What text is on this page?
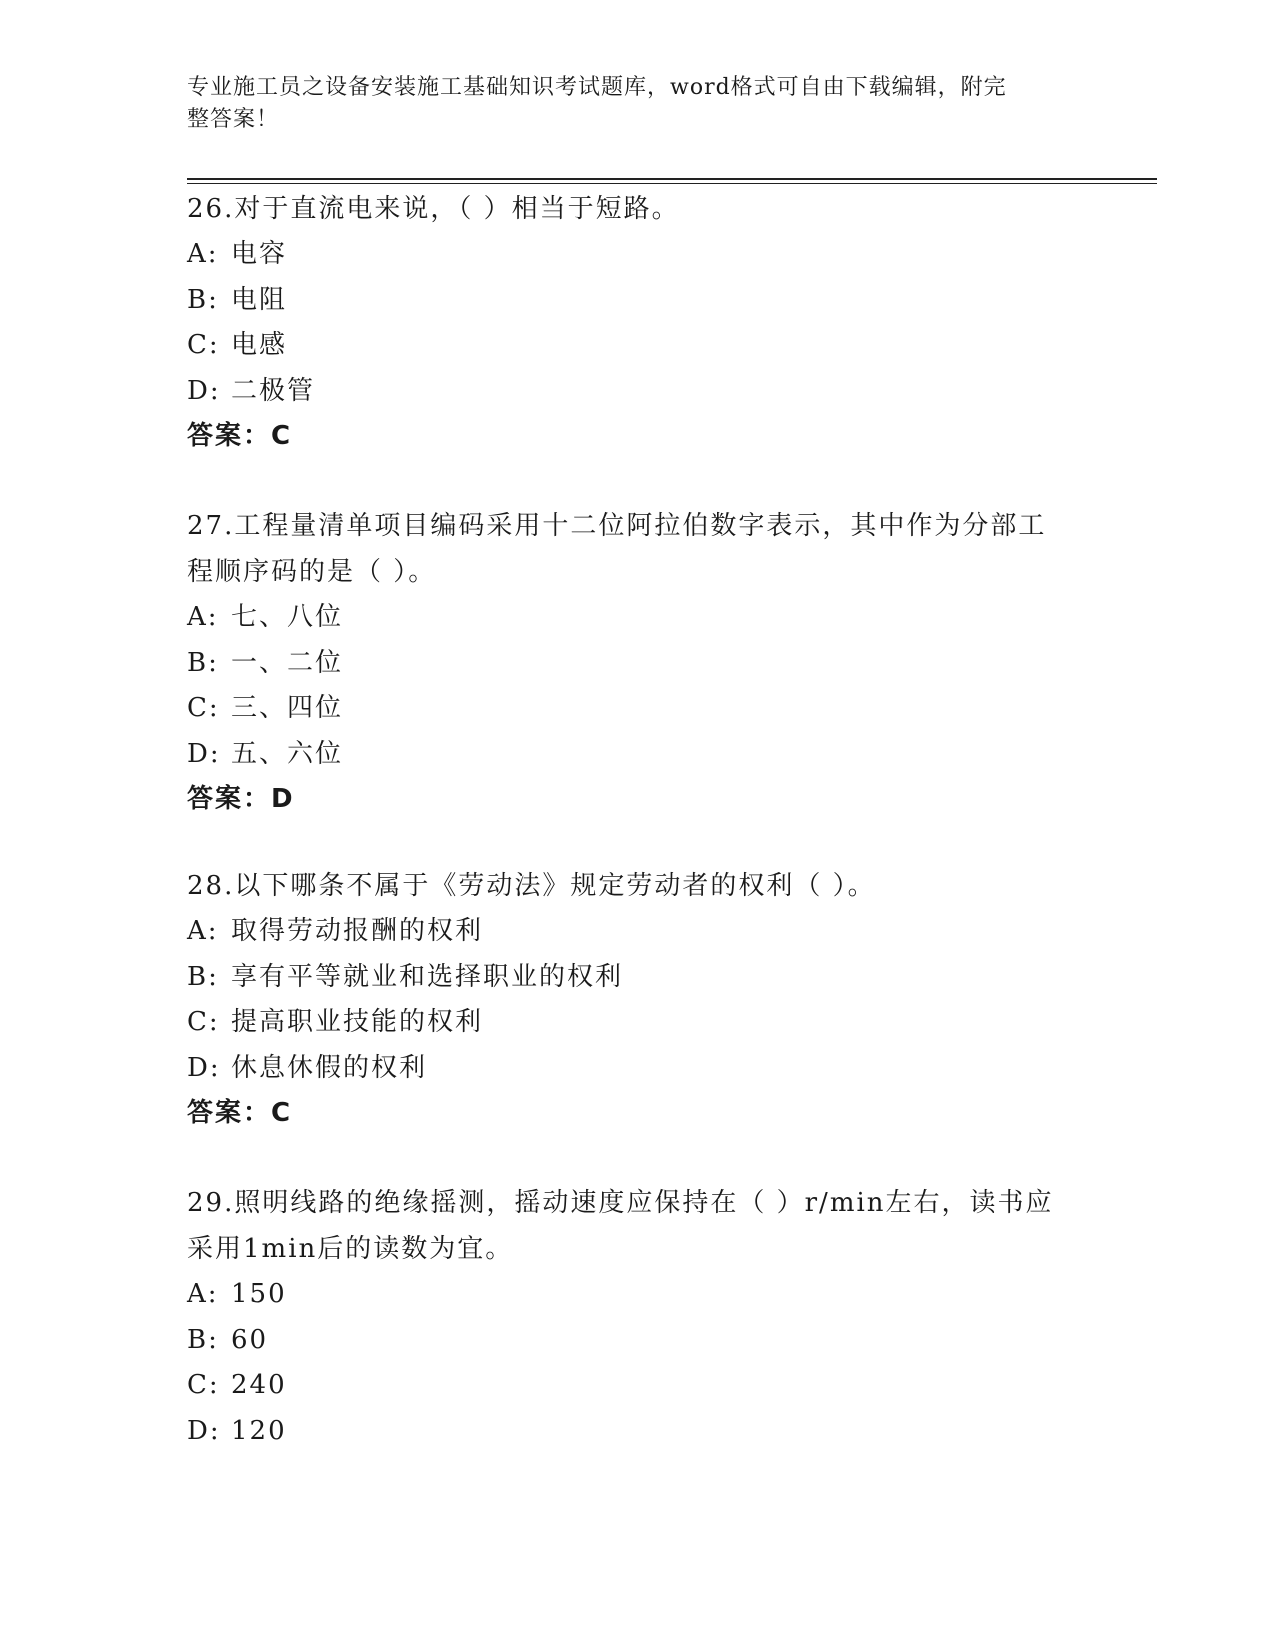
专业施工员之设备安装施工基础知识考试题库，word格式可自由下载编辑，附完
整答案！

26.对于直流电来说，（ ）相当于短路。

A: 电容

B: 电阻

C: 电感

D: 二极管

答案：C

27.工程量清单项目编码采用十二位阿拉伯数字表示，其中作为分部工

程顺序码的是（ ）。

A: 七、八位

B: 一、二位

C: 三、四位

D: 五、六位

答案：D

28.以下哪条不属于《劳动法》规定劳动者的权利（ ）。

A: 取得劳动报酬的权利

B: 享有平等就业和选择职业的权利

C: 提高职业技能的权利

D: 休息休假的权利

答案：C

29.照明线路的绝缘摇测，摇动速度应保持在（ ）r/min左右，读书应

采用1min后的读数为宜。

A: 150

B: 60

C: 240

D: 120
